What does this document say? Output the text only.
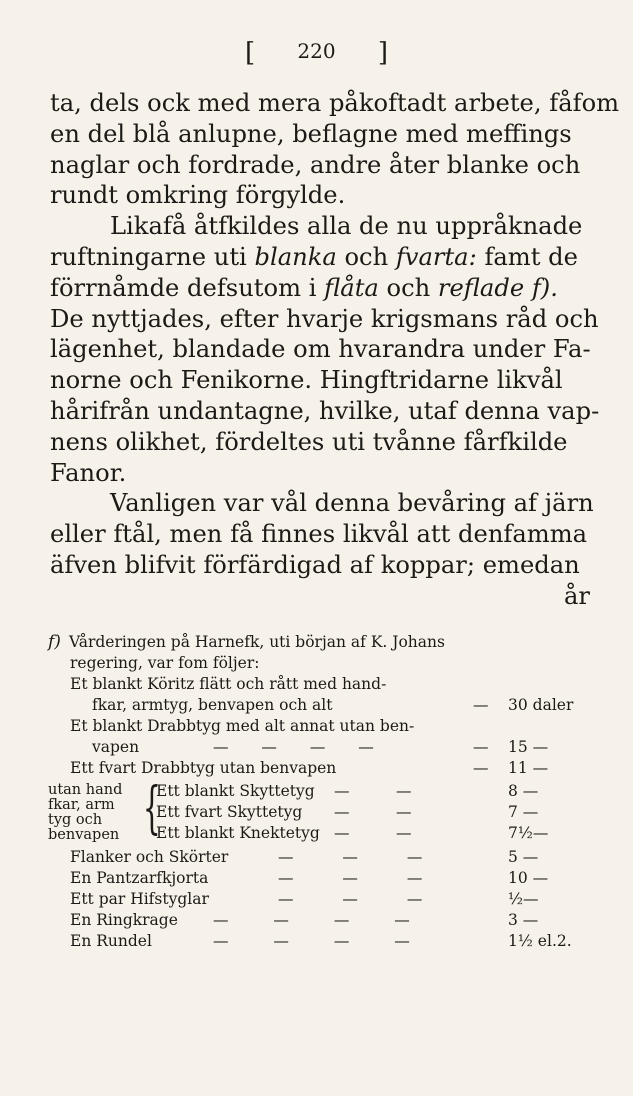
[ 220 ]
ta, dels ock med mera påkoftadt arbete, fåfom
en del blå anlupne, beflagne med meffings
naglar och fordrade, andre åter blanke och
rundt omkring förgylde.
Likafå åtfkildes alla de nu uppråknade
ruftningarne uti blanka och fvarta: famt de
förrnåmde defsutom i flåta och reflade f).
De nyttjades, efter hvarje krigsmans råd och
lägenhet, blandade om hvarandra under Fa-
norne och Fenikorne. Hingftridarne likvål
hårifrån undantagne, hvilke, utaf denna vap-
nens olikhet, fördeltes uti tvånne fårfkilde
Fanor.
Vanligen var vål denna bevåring af järn
eller ftål, men få finnes likvål att denfamma
äfven blifvit förfärdigad af koppar; emedan
år
f) Vårderingen på Harnefk, uti början af K. Johans
regering, var fom följer:
Et blankt Köritz flätt och rått med hand-
fkar, armtyg, benvapen och alt	— 30 daler
Et blankt Drabbtyg med alt annat utan ben-
vapen	— — — —	— 15 —
Ett fvart Drabbtyg utan benvapen	— 11 —
utan hand fkar, arm tyg och benvapen {
Ett blankt Skyttetyg —	—	8 —
Ett fvart Skyttetyg —	—	7 —
Ett blankt Knektetyg —	—	7½—
Flanker och Skörter	— — —	5 —
En Pantzarfkjorta	— — —	10 —
Ett par Hifstyglar	— — —	½—
En Ringkrage — — — —	3 —
En Rundel	— — — —	1½ el.2.
